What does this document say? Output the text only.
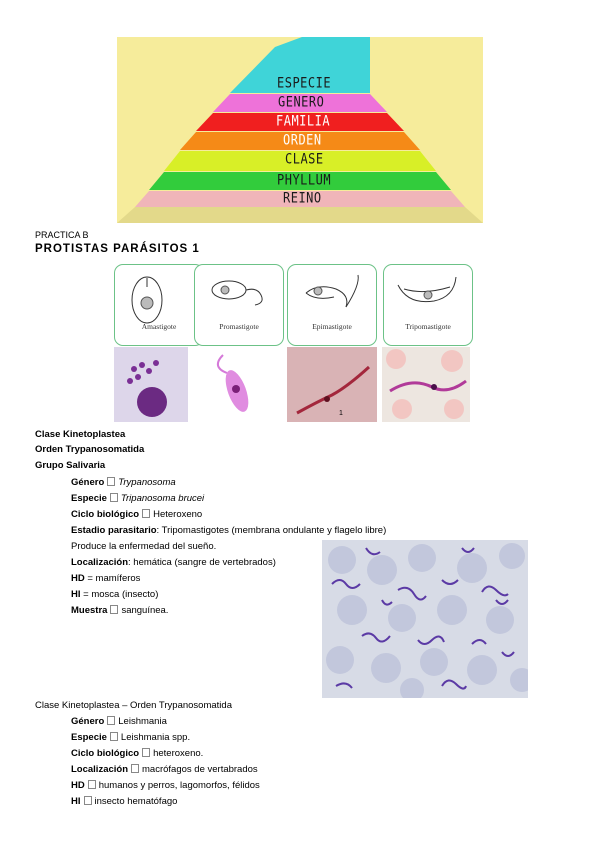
ESPECIE
GENERO
FAMILIA
ORDEN
CLASE
PHYLLUM
REINO
PRACTICA B
PROTISTAS PARÁSITOS 1
Amastigote	Promastigote	Epimastigote	Tripomastigote
1
Clase Kinetoplastea
Orden Trypanosomatida
Grupo Salivaria
Género Trypanosoma
Especie Tripanosoma brucei
Ciclo biológico Heteroxeno
Estadio parasitario: Tripomastigotes (membrana ondulante y flagelo libre)
Produce la enfermedad del sueño.
Localización: hemática (sangre de vertebrados)
HD = mamíferos
HI = mosca (insecto)
Muestra sanguínea.
Clase Kinetoplastea – Orden Trypanosomatida
Género Leishmania
Especie Leishmania spp.
Ciclo biológico heteroxeno.
Localización macrófagos de vertabrados
HD humanos y perros, lagomorfos, félidos
HI insecto hematófago
